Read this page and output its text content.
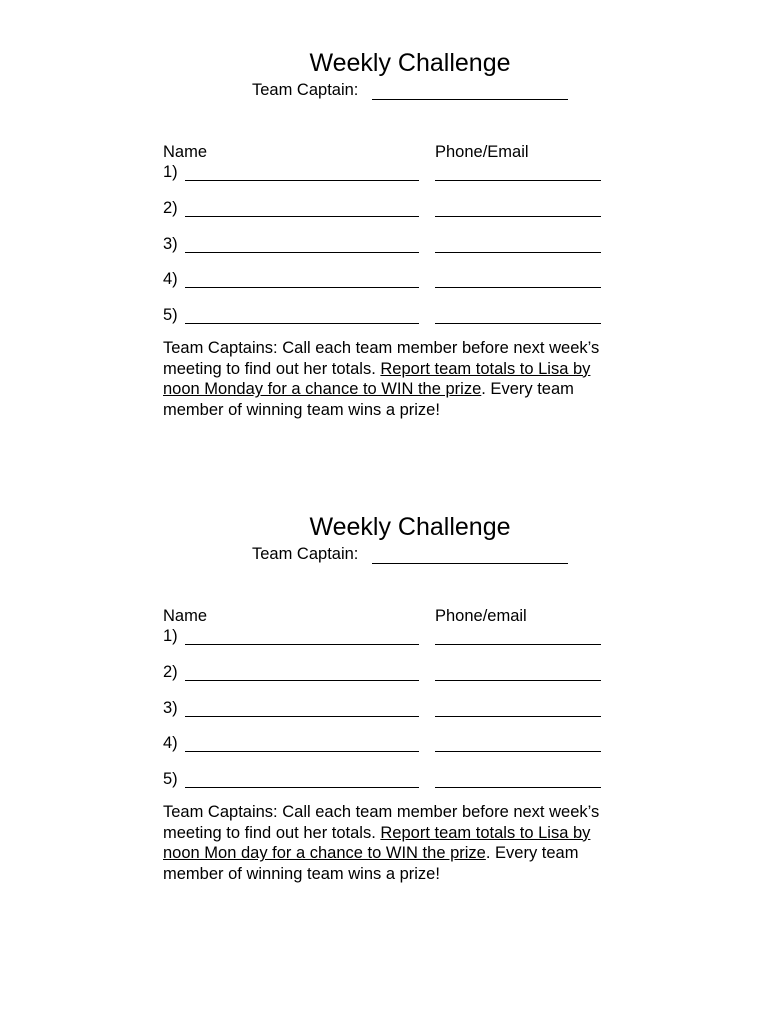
Weekly Challenge
Team Captain:
Name	Phone/Email
1)
2)
3)
4)
5)

Team Captains: Call each team member before next week’s

meeting to find out her totals. Report team totals to Lisa by

noon Monday for a chance to WIN the prize. Every team

member of winning team wins a prize!

Weekly Challenge
Team Captain:
Name	Phone/email
1)
2)
3)
4)
5)

Team Captains: Call each team member before next week’s

meeting to find out her totals. Report team totals to Lisa by

noon Mon day for a chance to WIN the prize. Every team

member of winning team wins a prize!
